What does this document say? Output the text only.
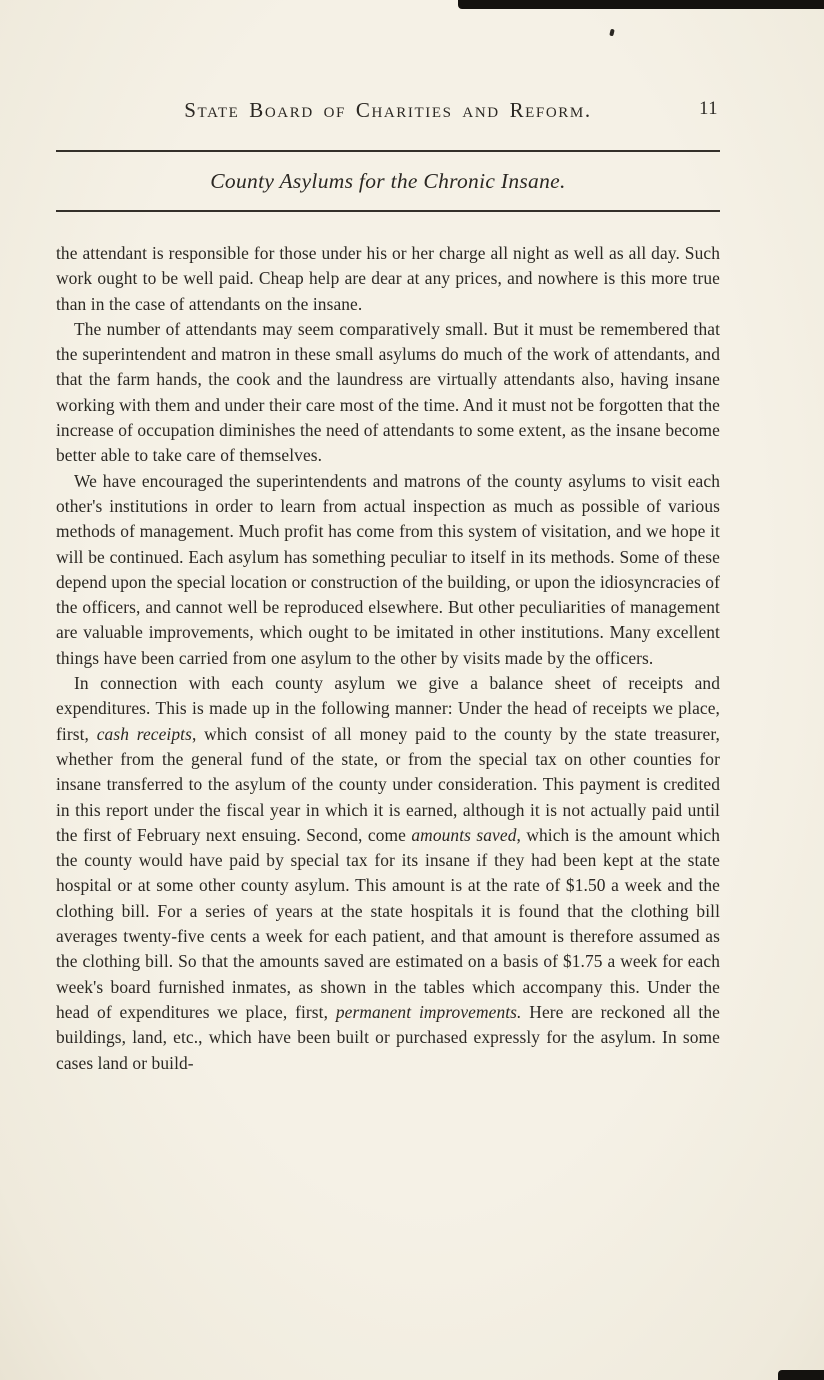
State Board of Charities and Reform.	11
County Asylums for the Chronic Insane.

the attendant is responsible for those under his or her charge all night as well as all day. Such work ought to be well paid. Cheap help are dear at any prices, and nowhere is this more true than in the case of attendants on the insane.

The number of attendants may seem comparatively small. But it must be remembered that the superintendent and matron in these small asylums do much of the work of attendants, and that the farm hands, the cook and the laundress are virtually attendants also, having insane working with them and under their care most of the time. And it must not be forgotten that the increase of occupation diminishes the need of attendants to some extent, as the insane become better able to take care of themselves.

We have encouraged the superintendents and matrons of the county asylums to visit each other's institutions in order to learn from actual inspection as much as possible of various methods of management. Much profit has come from this system of visitation, and we hope it will be continued. Each asylum has something peculiar to itself in its methods. Some of these depend upon the special location or construction of the building, or upon the idiosyncracies of the officers, and cannot well be reproduced elsewhere. But other peculiarities of management are valuable improvements, which ought to be imitated in other institutions. Many excellent things have been carried from one asylum to the other by visits made by the officers.

In connection with each county asylum we give a balance sheet of receipts and expenditures. This is made up in the following manner: Under the head of receipts we place, first, cash receipts, which consist of all money paid to the county by the state treasurer, whether from the general fund of the state, or from the special tax on other counties for insane transferred to the asylum of the county under consideration. This payment is credited in this report under the fiscal year in which it is earned, although it is not actually paid until the first of February next ensuing. Second, come amounts saved, which is the amount which the county would have paid by special tax for its insane if they had been kept at the state hospital or at some other county asylum. This amount is at the rate of $1.50 a week and the clothing bill. For a series of years at the state hospitals it is found that the clothing bill averages twenty-five cents a week for each patient, and that amount is therefore assumed as the clothing bill. So that the amounts saved are estimated on a basis of $1.75 a week for each week's board furnished inmates, as shown in the tables which accompany this. Under the head of expenditures we place, first, permanent improvements. Here are reckoned all the buildings, land, etc., which have been built or purchased expressly for the asylum. In some cases land or build-
